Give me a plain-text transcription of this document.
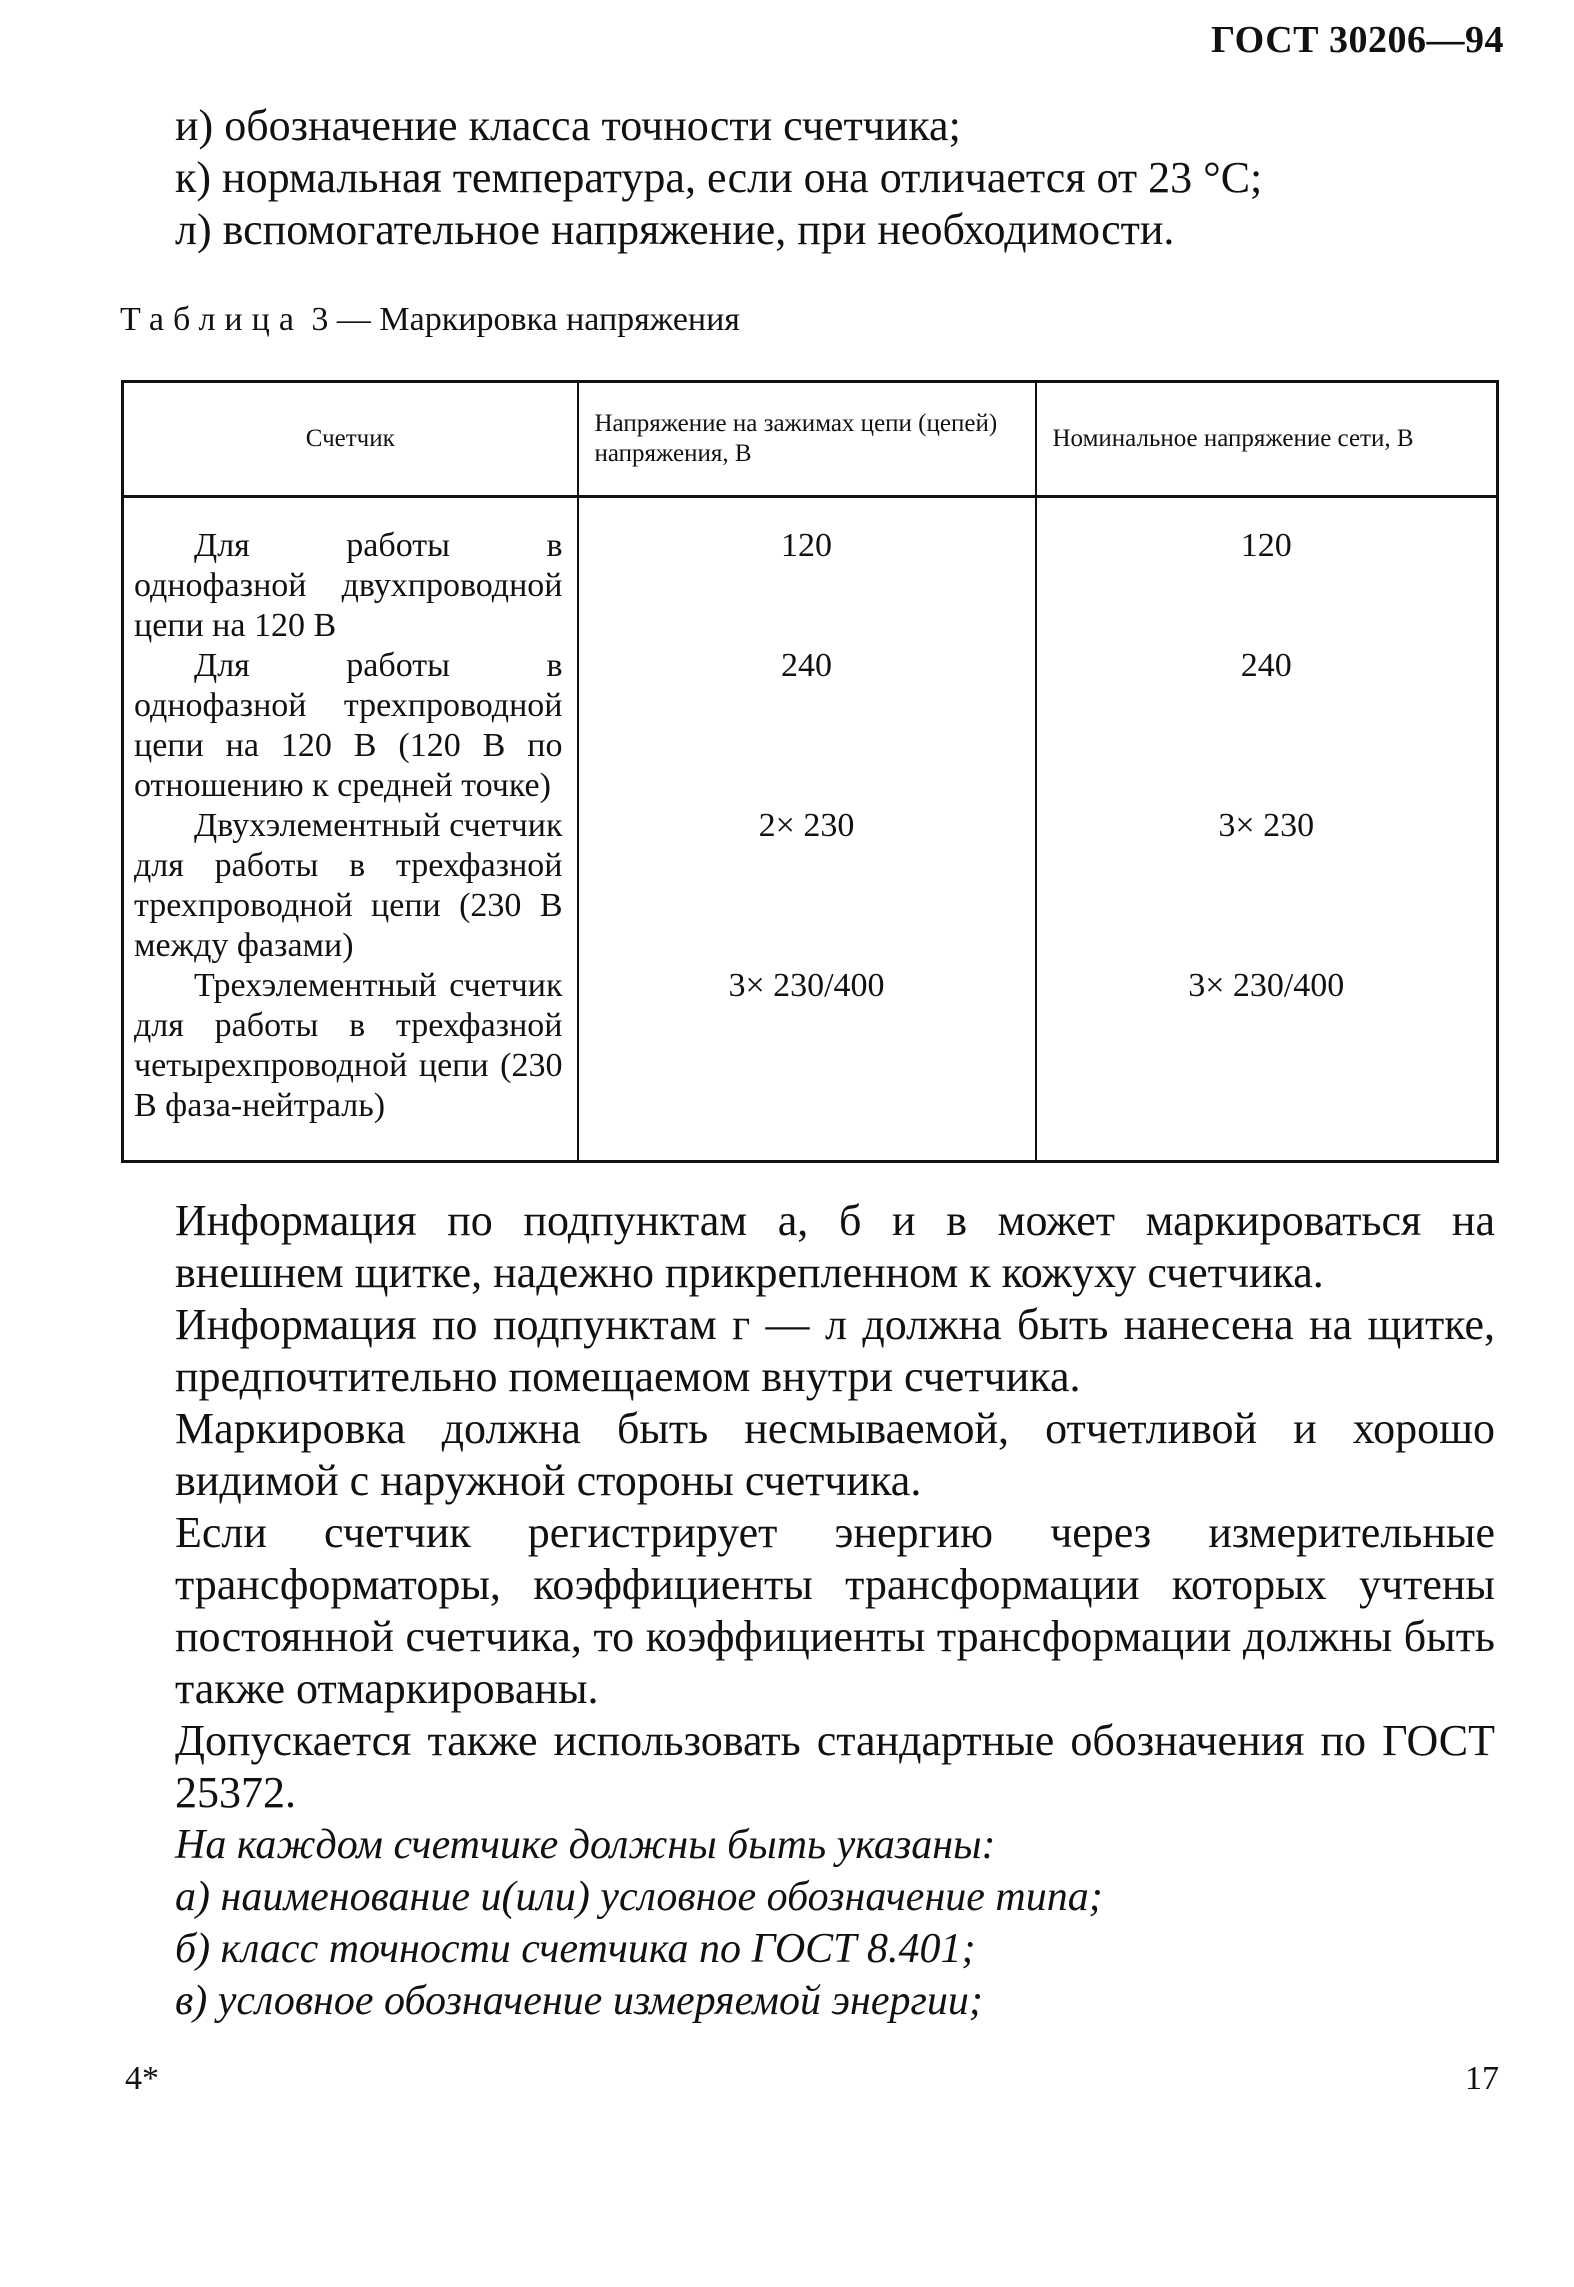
ГОСТ 30206—94

и) обозначение класса точности счетчика;

к) нормальная температура, если она отличается от 23 °С;

л) вспомогательное напряжение, при необходимости.

Таблица 3 — Маркировка напряжения
Счетчик	Напряжение на зажимах цепи (цепей) напряжения, В	Номинальное напряжение сети, В
Для работы в однофазной двухпроводной цепи на 120 В	120	120
Для работы в однофазной трехпроводной цепи на 120 В (120 В по отношению к средней точке)	240	240
Двухэлементный счетчик для работы в трехфазной трехпроводной цепи (230 В между фазами)	2× 230	3× 230
Трехэлементный счетчик для работы в трехфазной четырехпроводной цепи (230 В фаза-нейтраль)	3× 230/400	3× 230/400

Информация по подпунктам а, б и в может маркироваться на внешнем щитке, надежно прикрепленном к кожуху счетчика.

Информация по подпунктам г — л должна быть нанесена на щитке, предпочтительно помещаемом внутри счетчика.

Маркировка должна быть несмываемой, отчетливой и хорошо видимой с наружной стороны счетчика.

Если счетчик регистрирует энергию через измерительные трансформаторы, коэффициенты трансформации которых учтены постоянной счетчика, то коэффициенты трансформации должны быть также отмаркированы.

Допускается также использовать стандартные обозначения по ГОСТ 25372.

На каждом счетчике должны быть указаны:

а) наименование и(или) условное обозначение типа;

б) класс точности счетчика по ГОСТ 8.401;

в) условное обозначение измеряемой энергии;

4*	17
